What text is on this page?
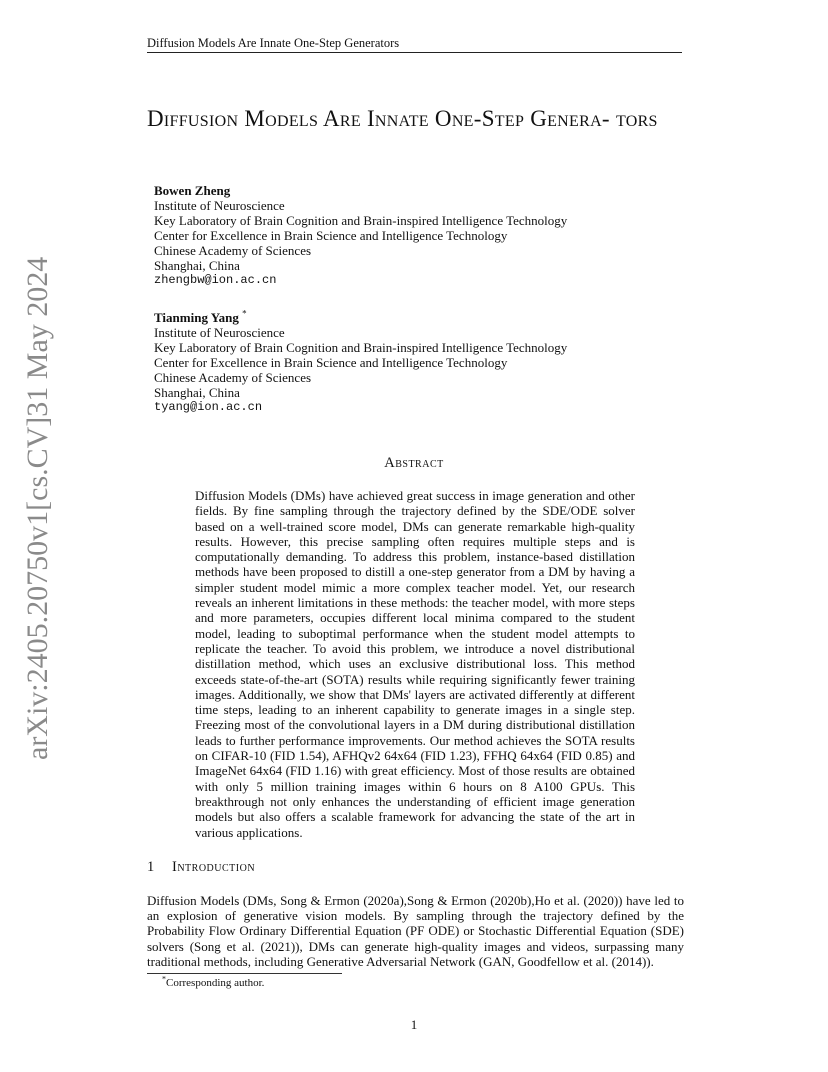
Diffusion Models Are Innate One-Step Generators
arXiv:2405.20750v1
[cs.CV]
31 May 2024
Diffusion Models Are Innate One-Step Genera- tors
Bowen Zheng
Institute of Neuroscience
Key Laboratory of Brain Cognition and Brain-inspired Intelligence Technology
Center for Excellence in Brain Science and Intelligence Technology
Chinese Academy of Sciences
Shanghai, China
zhengbw@ion.ac.cn
Tianming Yang *
Institute of Neuroscience
Key Laboratory of Brain Cognition and Brain-inspired Intelligence Technology
Center for Excellence in Brain Science and Intelligence Technology
Chinese Academy of Sciences
Shanghai, China
tyang@ion.ac.cn
Abstract

Diffusion Models (DMs) have achieved great success in image generation and other fields. By fine sampling through the trajectory defined by the SDE/ODE solver based on a well-trained score model, DMs can generate remarkable high-quality results. However, this precise sampling often requires multiple steps and is computationally demanding. To address this problem, instance-based distillation methods have been proposed to distill a one-step generator from a DM by having a simpler student model mimic a more complex teacher model. Yet, our research reveals an inherent limitations in these methods: the teacher model, with more steps and more parameters, occupies different local minima compared to the student model, leading to suboptimal performance when the student model attempts to replicate the teacher. To avoid this problem, we introduce a novel distributional distillation method, which uses an exclusive distributional loss. This method exceeds state-of-the-art (SOTA) results while requiring significantly fewer training images. Additionally, we show that DMs' layers are activated differently at different time steps, leading to an inherent capability to generate images in a single step. Freezing most of the convolutional layers in a DM during distributional distillation leads to further performance improvements. Our method achieves the SOTA results on CIFAR-10 (FID 1.54), AFHQv2 64x64 (FID 1.23), FFHQ 64x64 (FID 0.85) and ImageNet 64x64 (FID 1.16) with great efficiency. Most of those results are obtained with only 5 million training images within 6 hours on 8 A100 GPUs. This breakthrough not only enhances the understanding of efficient image generation models but also offers a scalable framework for advancing the state of the art in various applications.

1	Introduction

Diffusion Models (DMs, Song & Ermon (2020a),Song & Ermon (2020b),Ho et al. (2020)) have led to an explosion of generative vision models. By sampling through the trajectory defined by the Probability Flow Ordinary Differential Equation (PF ODE) or Stochastic Differential Equation (SDE) solvers (Song et al. (2021)), DMs can generate high-quality images and videos, surpassing many traditional methods, including Generative Adversarial Network (GAN, Goodfellow et al. (2014)).

*Corresponding author.
1
